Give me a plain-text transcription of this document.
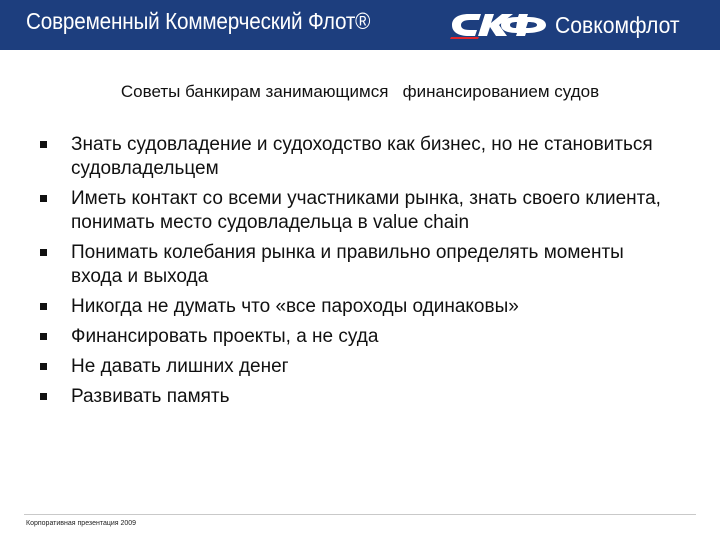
Современный Коммерческий Флот®	Совкомфлот
Советы банкирам занимающимся   финансированием судов
Знать судовладение и судоходство как бизнес, но не становиться судовладельцем
Иметь контакт со всеми участниками рынка, знать своего клиента, понимать место судовладельца в value chain
Понимать колебания рынка и правильно определять моменты входа и выхода
Никогда не думать что «все пароходы одинаковы»
Финансировать проекты, а не суда
Не давать лишних денег
Развивать память
Корпоративная презентация 2009
